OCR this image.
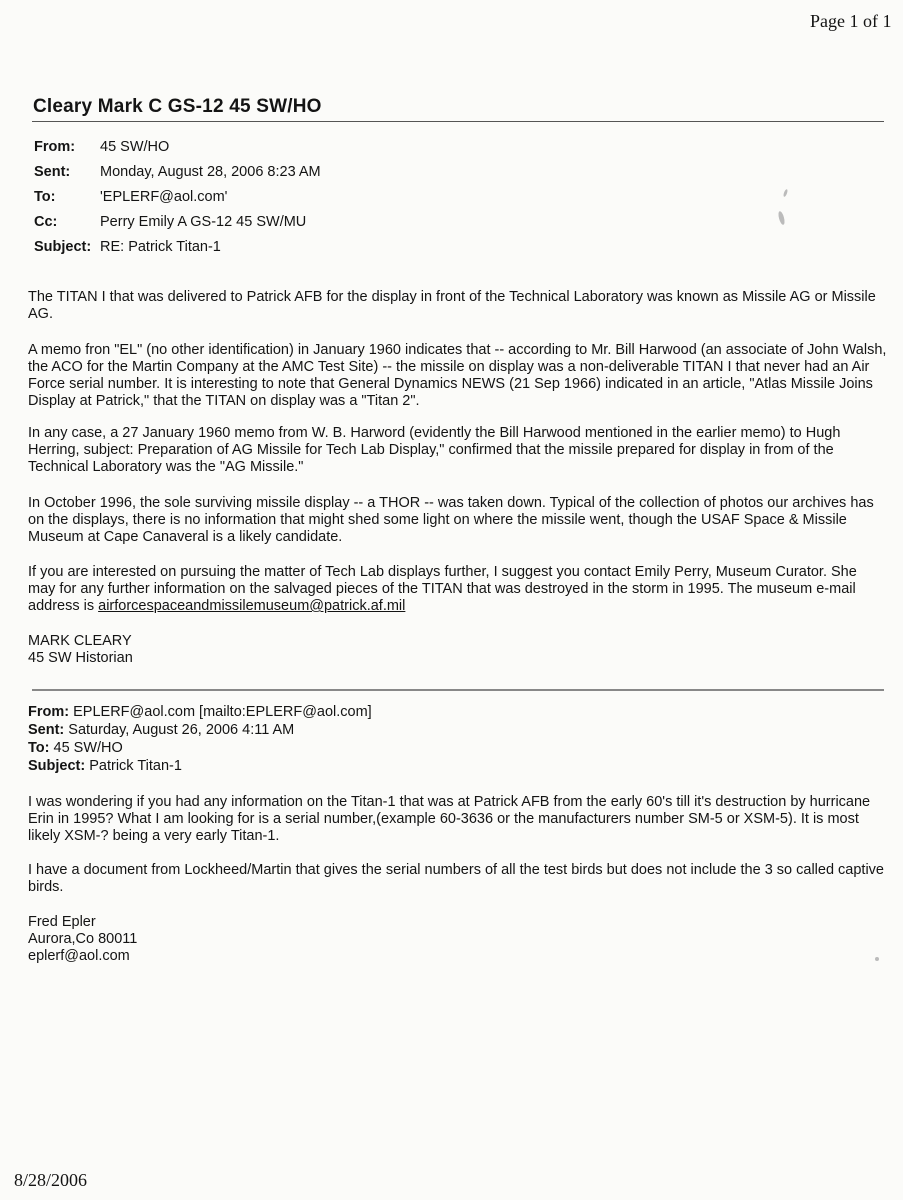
Page 1 of 1
Cleary Mark C GS-12 45 SW/HO
From:	45 SW/HO
Sent:	Monday, August 28, 2006 8:23 AM
To:	'EPLERF@aol.com'
Cc:	Perry Emily A GS-12 45 SW/MU
Subject: RE: Patrick Titan-1

The TITAN I that was delivered to Patrick AFB for the display in front of the Technical Laboratory was known as Missile AG or Missile AG.

A memo fron "EL" (no other identification) in January 1960 indicates that -- according to Mr. Bill Harwood (an associate of John Walsh, the ACO for the Martin Company at the AMC Test Site) -- the missile on display was a non-deliverable TITAN I that never had an Air Force serial number. It is interesting to note that General Dynamics NEWS (21 Sep 1966) indicated in an article, "Atlas Missile Joins Display at Patrick," that the TITAN on display was a "Titan 2".

In any case, a 27 January 1960 memo from W. B. Harword (evidently the Bill Harwood mentioned in the earlier memo) to Hugh Herring, subject: Preparation of AG Missile for Tech Lab Display," confirmed that the missile prepared for display in from of the Technical Laboratory was the "AG Missile."

In October 1996, the sole surviving missile display -- a THOR -- was taken down. Typical of the collection of photos our archives has on the displays, there is no information that might shed some light on where the missile went, though the USAF Space & Missile Museum at Cape Canaveral is a likely candidate.

If you are interested on pursuing the matter of Tech Lab displays further, I suggest you contact Emily Perry, Museum Curator. She may for any further information on the salvaged pieces of the TITAN that was destroyed in the storm in 1995. The museum e-mail address is airforcespaceandmissilemuseum@patrick.af.mil

MARK CLEARY
45 SW Historian
From: EPLERF@aol.com [mailto:EPLERF@aol.com]
Sent: Saturday, August 26, 2006 4:11 AM
To: 45 SW/HO
Subject: Patrick Titan-1

I was wondering if you had any information on the Titan-1 that was at Patrick AFB from the early 60's till it's destruction by hurricane Erin in 1995? What I am looking for is a serial number,(example 60-3636 or the manufacturers number SM-5 or XSM-5). It is most likely XSM-? being a very early Titan-1.

I have a document from Lockheed/Martin that gives the serial numbers of all the test birds but does not include the 3 so called captive birds.

Fred Epler
Aurora,Co 80011
eplerf@aol.com
8/28/2006
